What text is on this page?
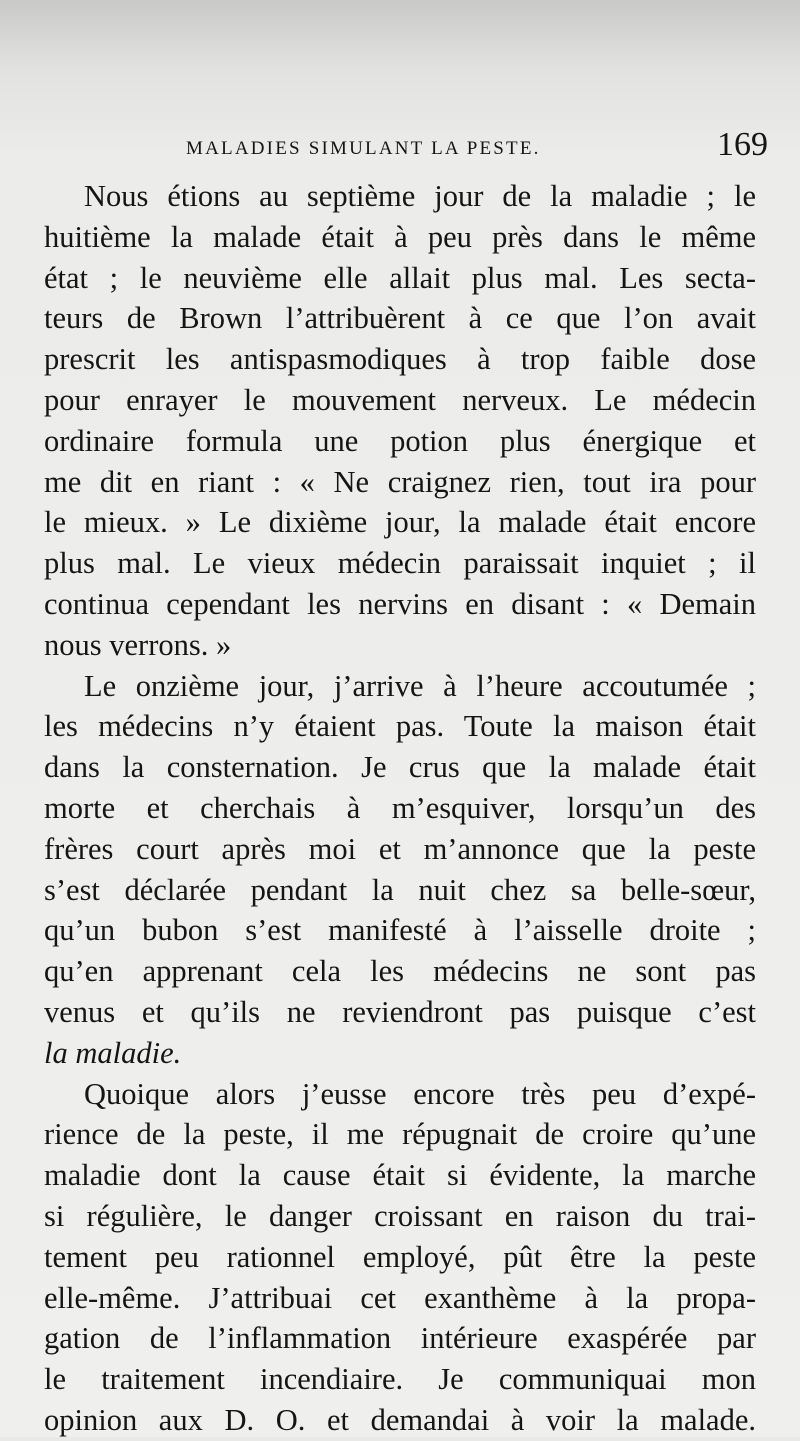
MALADIES SIMULANT LA PESTE.	169
Nous étions au septième jour de la maladie ; le
huitième la malade était à peu près dans le même
état ; le neuvième elle allait plus mal. Les secta-
teurs de Brown l’attribuèrent à ce que l’on avait
prescrit les antispasmodiques à trop faible dose
pour enrayer le mouvement nerveux. Le médecin
ordinaire formula une potion plus énergique et
me dit en riant : « Ne craignez rien, tout ira pour
le mieux. » Le dixième jour, la malade était encore
plus mal. Le vieux médecin paraissait inquiet ; il
continua cependant les nervins en disant : « Demain
nous verrons. »
Le onzième jour, j’arrive à l’heure accoutumée ;
les médecins n’y étaient pas. Toute la maison était
dans la consternation. Je crus que la malade était
morte et cherchais à m’esquiver, lorsqu’un des
frères court après moi et m’annonce que la peste
s’est déclarée pendant la nuit chez sa belle-sœur,
qu’un bubon s’est manifesté à l’aisselle droite ;
qu’en apprenant cela les médecins ne sont pas
venus et qu’ils ne reviendront pas puisque c’est
la maladie.
Quoique alors j’eusse encore très peu d’expé-
rience de la peste, il me répugnait de croire qu’une
maladie dont la cause était si évidente, la marche
si régulière, le danger croissant en raison du trai-
tement peu rationnel employé, pût être la peste
elle-même. J’attribuai cet exanthème à la propa-
gation de l’inflammation intérieure exaspérée par
le traitement incendiaire. Je communiquai mon
opinion aux D. O. et demandai à voir la malade.
